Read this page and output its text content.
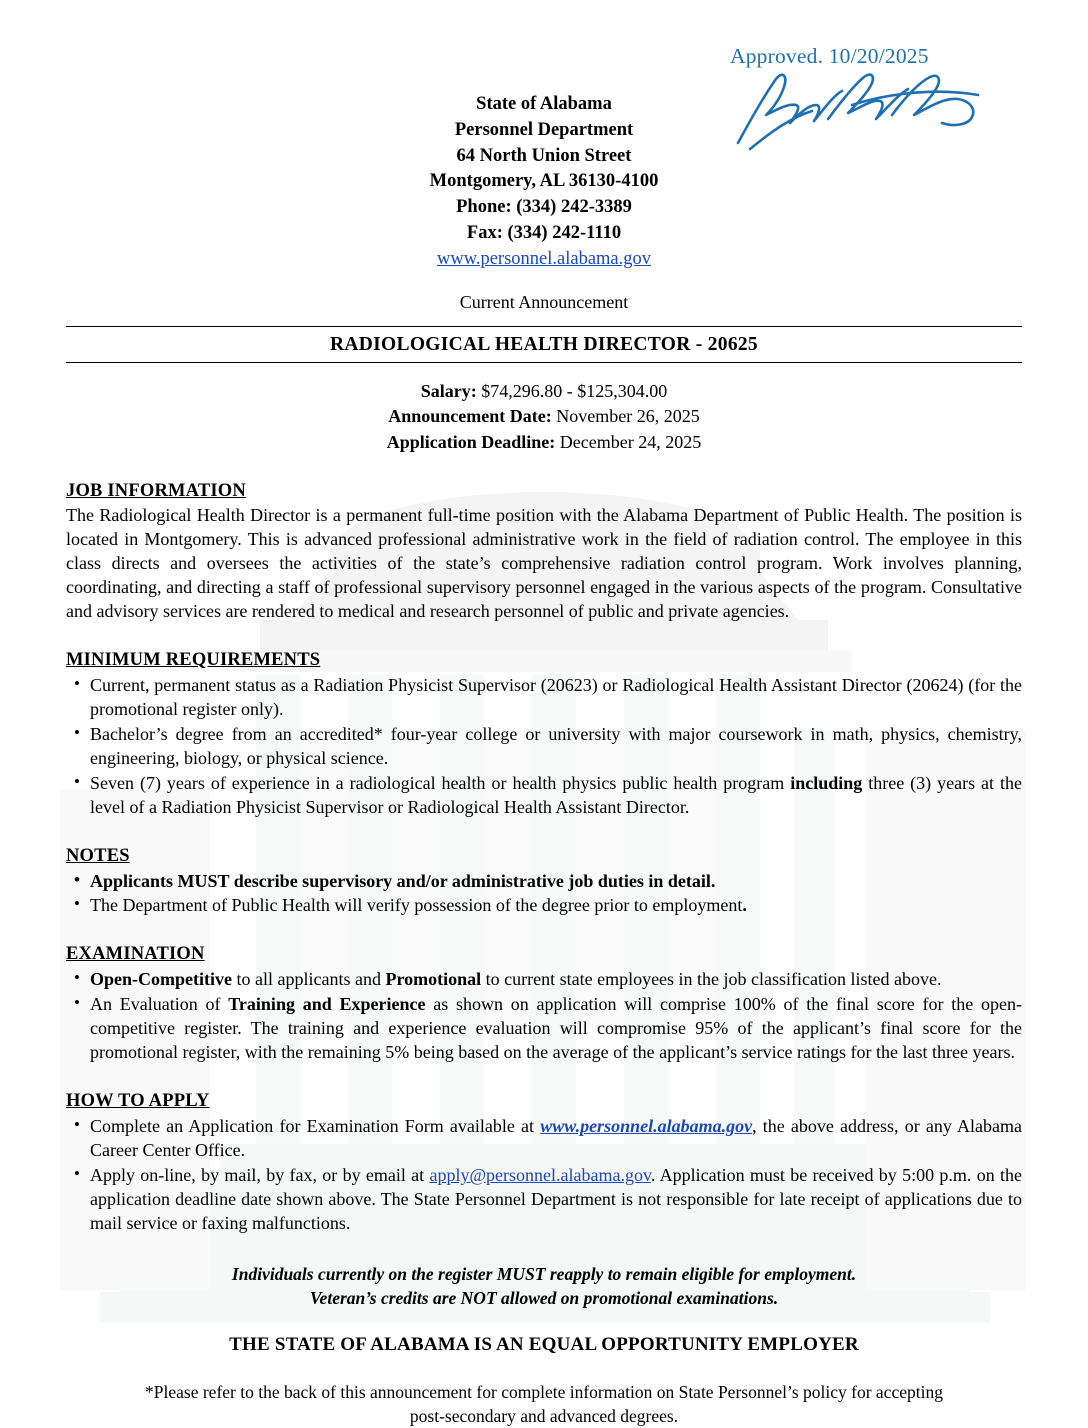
Approved. 10/20/2025
State of Alabama
Personnel Department
64 North Union Street
Montgomery, AL 36130-4100
Phone: (334) 242-3389
Fax: (334) 242-1110
www.personnel.alabama.gov
Current Announcement
RADIOLOGICAL HEALTH DIRECTOR - 20625
Salary: $74,296.80 - $125,304.00
Announcement Date: November 26, 2025
Application Deadline: December 24, 2025
JOB INFORMATION

The Radiological Health Director is a permanent full-time position with the Alabama Department of Public Health. The position is located in Montgomery. This is advanced professional administrative work in the field of radiation control. The employee in this class directs and oversees the activities of the state’s comprehensive radiation control program. Work involves planning, coordinating, and directing a staff of professional supervisory personnel engaged in the various aspects of the program. Consultative and advisory services are rendered to medical and research personnel of public and private agencies.

MINIMUM REQUIREMENTS
• Current, permanent status as a Radiation Physicist Supervisor (20623) or Radiological Health Assistant Director (20624) (for the promotional register only).
• Bachelor’s degree from an accredited* four-year college or university with major coursework in math, physics, chemistry, engineering, biology, or physical science.
• Seven (7) years of experience in a radiological health or health physics public health program including three (3) years at the level of a Radiation Physicist Supervisor or Radiological Health Assistant Director.
NOTES
• Applicants MUST describe supervisory and/or administrative job duties in detail.
• The Department of Public Health will verify possession of the degree prior to employment.
EXAMINATION
• Open-Competitive to all applicants and Promotional to current state employees in the job classification listed above.
• An Evaluation of Training and Experience as shown on application will comprise 100% of the final score for the open-competitive register. The training and experience evaluation will compromise 95% of the applicant’s final score for the promotional register, with the remaining 5% being based on the average of the applicant’s service ratings for the last three years.
HOW TO APPLY
• Complete an Application for Examination Form available at www.personnel.alabama.gov, the above address, or any Alabama Career Center Office.
• Apply on-line, by mail, by fax, or by email at apply@personnel.alabama.gov. Application must be received by 5:00 p.m. on the application deadline date shown above. The State Personnel Department is not responsible for late receipt of applications due to mail service or faxing malfunctions.
Individuals currently on the register MUST reapply to remain eligible for employment.
Veteran’s credits are NOT allowed on promotional examinations.
THE STATE OF ALABAMA IS AN EQUAL OPPORTUNITY EMPLOYER
*Please refer to the back of this announcement for complete information on State Personnel’s policy for accepting
post-secondary and advanced degrees.
